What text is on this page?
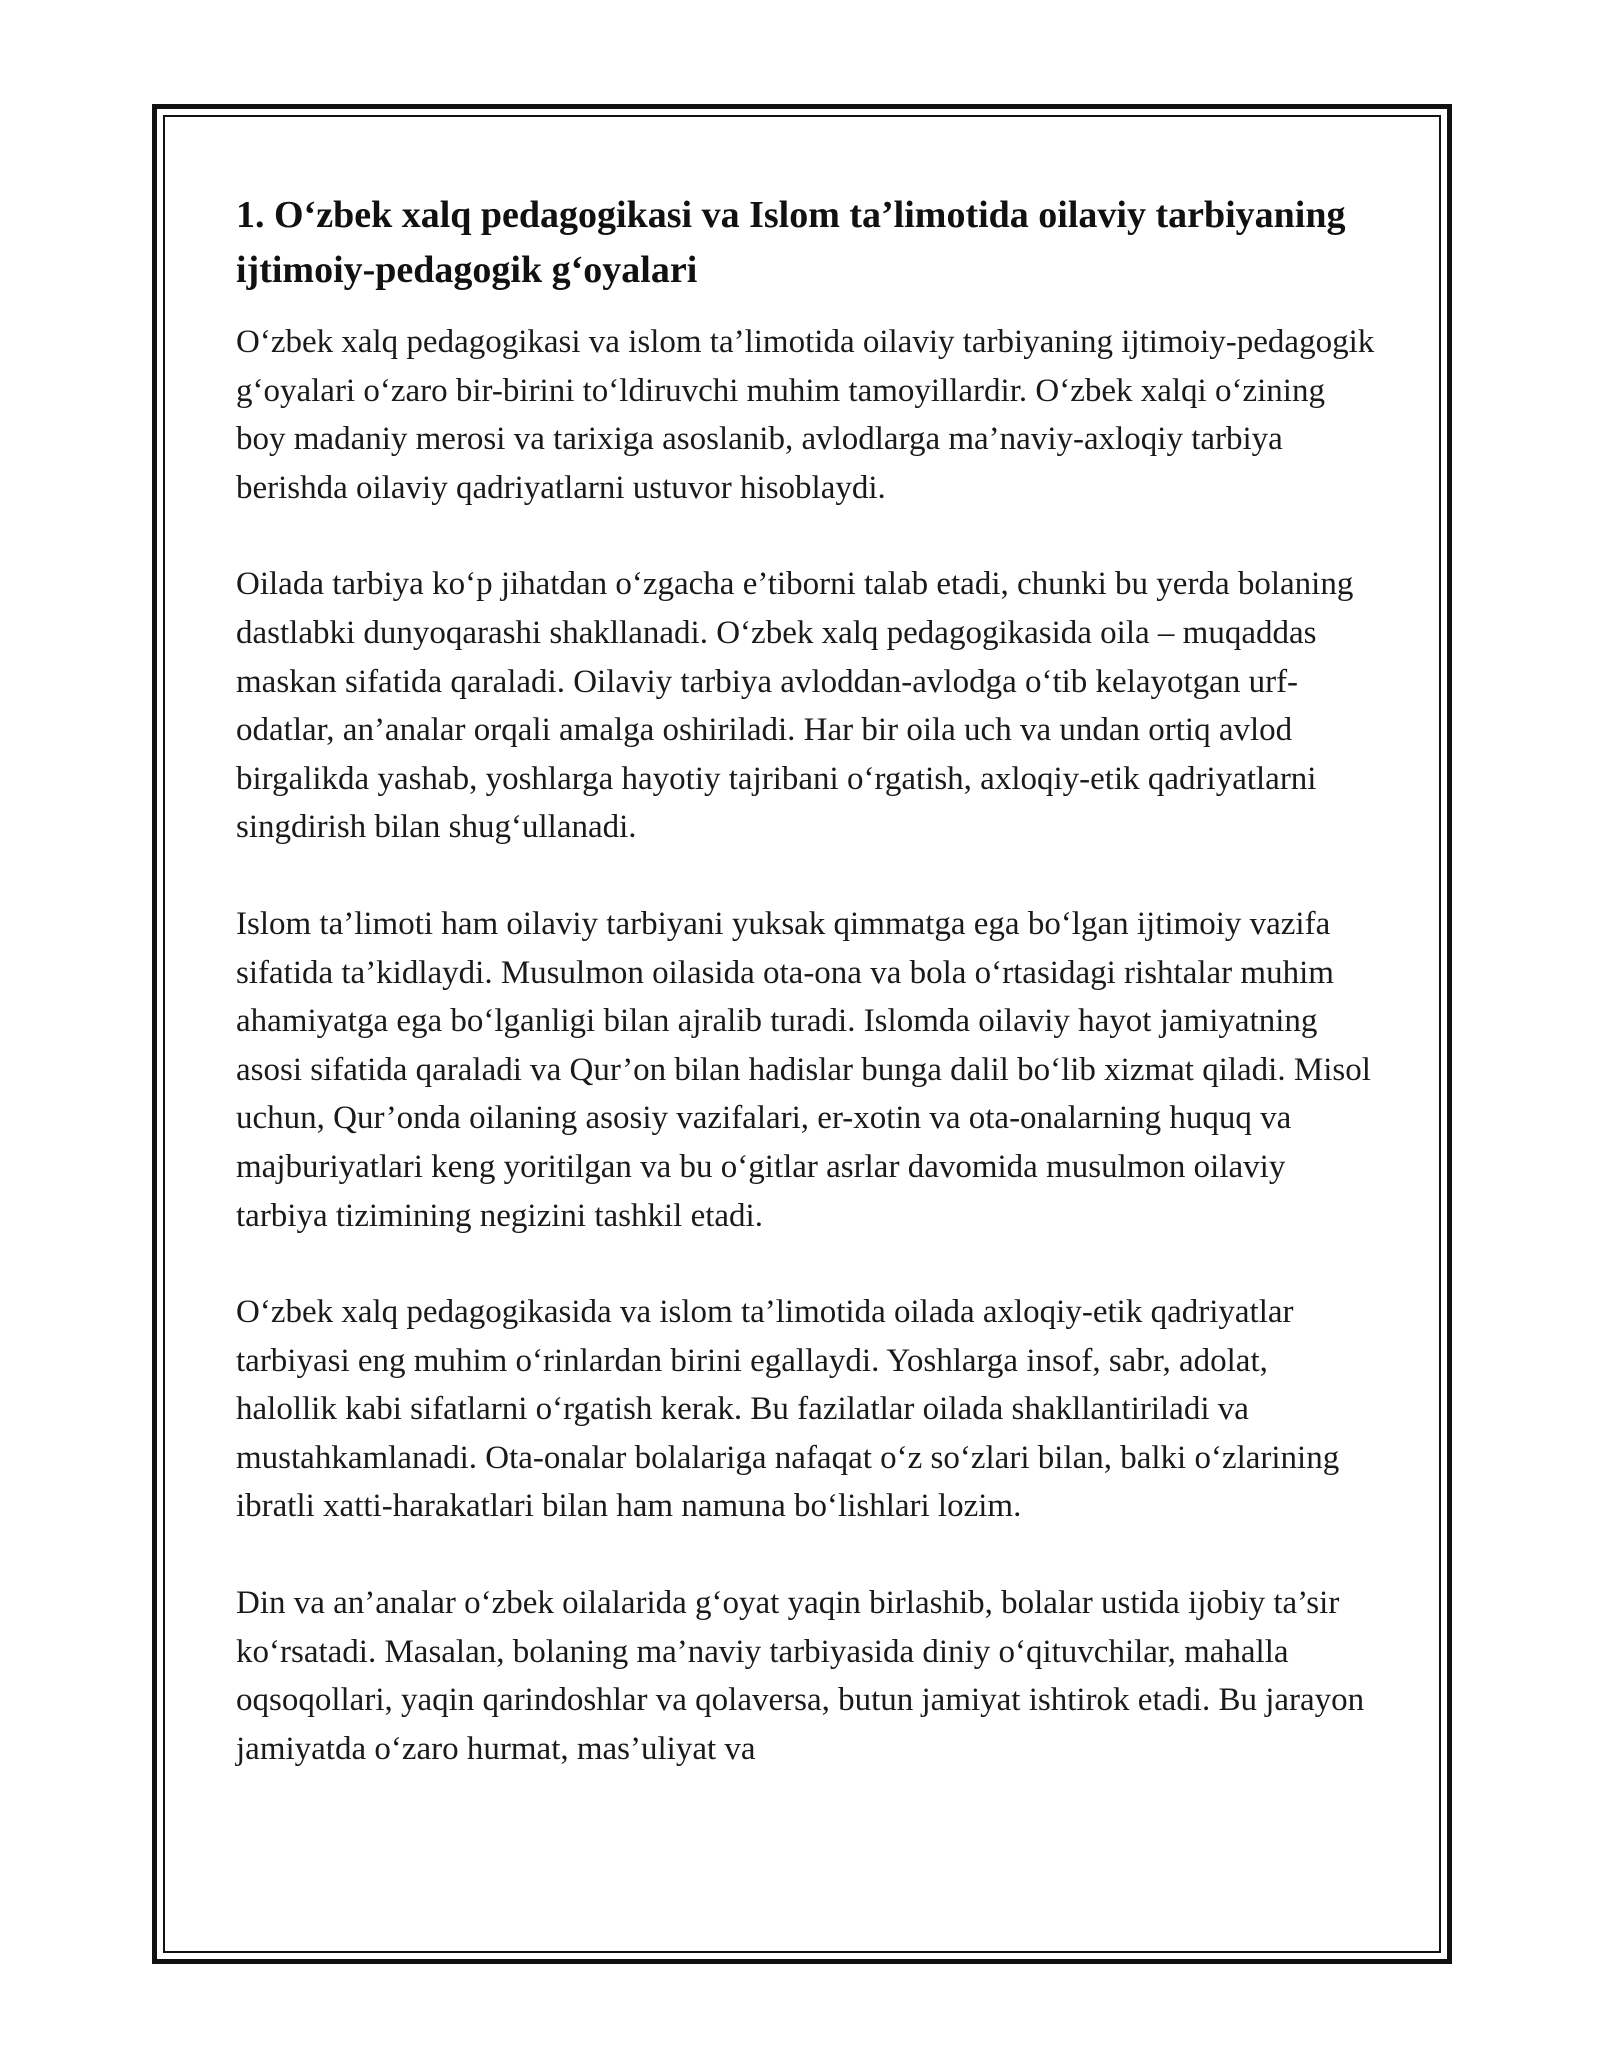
1. O‘zbek xalq pedagogikasi va Islom ta’limotida oilaviy tarbiyaning ijtimoiy-pedagogik g‘oyalari

O‘zbek xalq pedagogikasi va islom ta’limotida oilaviy tarbiyaning ijtimoiy-pedagogik g‘oyalari o‘zaro bir-birini to‘ldiruvchi muhim tamoyillardir. O‘zbek xalqi o‘zining boy madaniy merosi va tarixiga asoslanib, avlodlarga ma’naviy-axloqiy tarbiya berishda oilaviy qadriyatlarni ustuvor hisoblaydi.

Oilada tarbiya ko‘p jihatdan o‘zgacha e’tiborni talab etadi, chunki bu yerda bolaning dastlabki dunyoqarashi shakllanadi. O‘zbek xalq pedagogikasida oila – muqaddas maskan sifatida qaraladi. Oilaviy tarbiya avloddan-avlodga o‘tib kelayotgan urf-odatlar, an’analar orqali amalga oshiriladi. Har bir oila uch va undan ortiq avlod birgalikda yashab, yoshlarga hayotiy tajribani o‘rgatish, axloqiy-etik qadriyatlarni singdirish bilan shug‘ullanadi.

Islom ta’limoti ham oilaviy tarbiyani yuksak qimmatga ega bo‘lgan ijtimoiy vazifa sifatida ta’kidlaydi. Musulmon oilasida ota-ona va bola o‘rtasidagi rishtalar muhim ahamiyatga ega bo‘lganligi bilan ajralib turadi. Islomda oilaviy hayot jamiyatning asosi sifatida qaraladi va Qur’on bilan hadislar bunga dalil bo‘lib xizmat qiladi. Misol uchun, Qur’onda oilaning asosiy vazifalari, er-xotin va ota-onalarning huquq va majburiyatlari keng yoritilgan va bu o‘gitlar asrlar davomida musulmon oilaviy tarbiya tizimining negizini tashkil etadi.

O‘zbek xalq pedagogikasida va islom ta’limotida oilada axloqiy-etik qadriyatlar tarbiyasi eng muhim o‘rinlardan birini egallaydi. Yoshlarga insof, sabr, adolat, halollik kabi sifatlarni o‘rgatish kerak. Bu fazilatlar oilada shakllantiriladi va mustahkamlanadi. Ota-onalar bolalariga nafaqat o‘z so‘zlari bilan, balki o‘zlarining ibratli xatti-harakatlari bilan ham namuna bo‘lishlari lozim.

Din va an’analar o‘zbek oilalarida g‘oyat yaqin birlashib, bolalar ustida ijobiy ta’sir ko‘rsatadi. Masalan, bolaning ma’naviy tarbiyasida diniy o‘qituvchilar, mahalla oqsoqollari, yaqin qarindoshlar va qolaversa, butun jamiyat ishtirok etadi. Bu jarayon jamiyatda o‘zaro hurmat, mas’uliyat va
